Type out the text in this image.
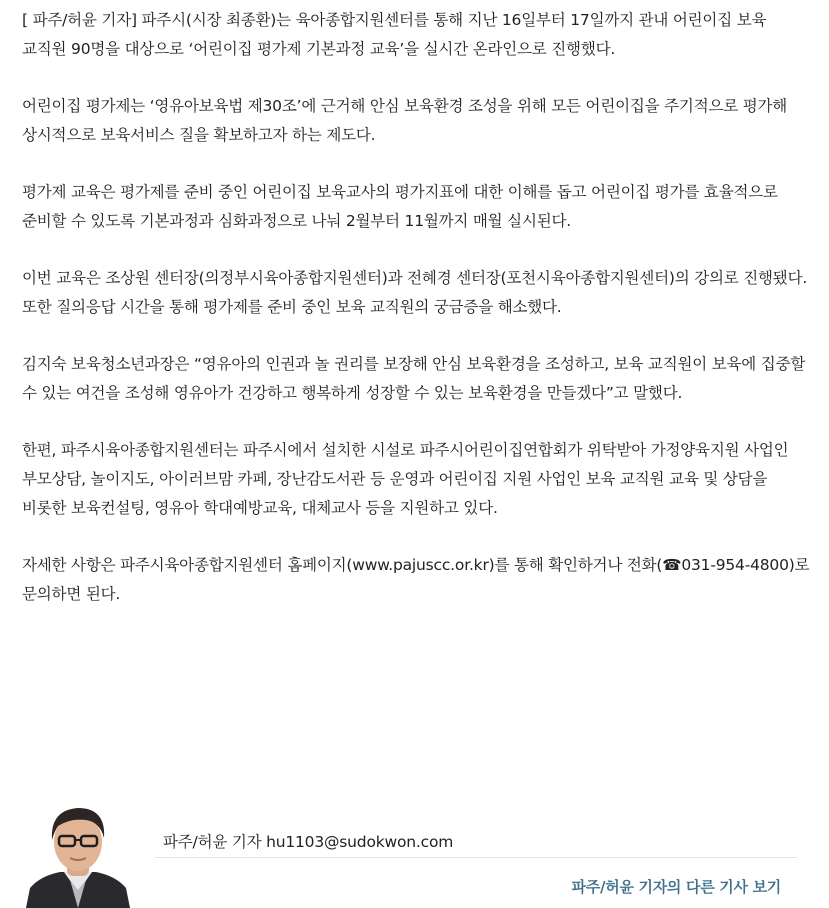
[ 파주/허윤 기자] 파주시(시장 최종환)는 육아종합지원센터를 통해 지난 16일부터 17일까지 관내 어린이집 보육 교직원 90명을 대상으로 ‘어린이집 평가제 기본과정 교육’을 실시간 온라인으로 진행했다.

어린이집 평가제는 ‘영유아보육법 제30조’에 근거해 안심 보육환경 조성을 위해 모든 어린이집을 주기적으로 평가해 상시적으로 보육서비스 질을 확보하고자 하는 제도다.

평가제 교육은 평가제를 준비 중인 어린이집 보육교사의 평가지표에 대한 이해를 돕고 어린이집 평가를 효율적으로 준비할 수 있도록 기본과정과 심화과정으로 나눠 2월부터 11월까지 매월 실시된다.

이번 교육은 조상원 센터장(의정부시육아종합지원센터)과 전혜경 센터장(포천시육아종합지원센터)의 강의로 진행됐다. 또한 질의응답 시간을 통해 평가제를 준비 중인 보육 교직원의 궁금증을 해소했다.

김지숙 보육청소년과장은 “영유아의 인권과 놀 권리를 보장해 안심 보육환경을 조성하고, 보육 교직원이 보육에 집중할 수 있는 여건을 조성해 영유아가 건강하고 행복하게 성장할 수 있는 보육환경을 만들겠다”고 말했다.

한편, 파주시육아종합지원센터는 파주시에서 설치한 시설로 파주시어린이집연합회가 위탁받아 가정양육지원 사업인 부모상담, 놀이지도, 아이러브맘 카페, 장난감도서관 등 운영과 어린이집 지원 사업인 보육 교직원 교육 및 상담을 비롯한 보육컨설팅, 영유아 학대예방교육, 대체교사 등을 지원하고 있다.

자세한 사항은 파주시육아종합지원센터 홈페이지(www.pajuscc.or.kr)를 통해 확인하거나 전화(☎031-954-4800)로 문의하면 된다.

파주/허윤 기자 hu1103@sudokwon.com
파주/허윤 기자의 다른 기사 보기
